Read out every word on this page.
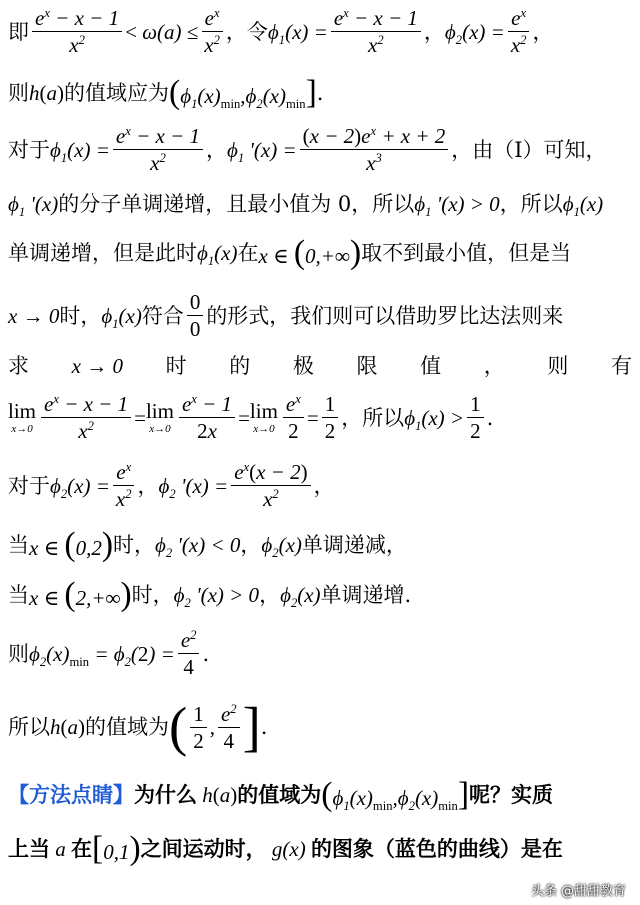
即 $\frac{e^x - x - 1}{x^2} < \omega(a) \le \frac{e^x}{x^2}$ ，令 $\phi_1(x) = \frac{e^x - x - 1}{x^2}$ ， $\phi_2(x) = \frac{e^x}{x^2}$ ，
则 h(a) 的值域应为 $(\phi_1(x)_{min},\phi_2(x)_{min}]$ .
对于 $\phi_1(x) = \frac{e^x - x - 1}{x^2}$ ， $\phi_1$ '$(x) = \frac{(x - 2)e^x + x + 2}{x^3}$ ，由（I）可知，
$\phi_1$ '(x) 的分子单调递增，且最小值为 0，所以 $\phi_1$ '(x) > 0 ，所以 $\phi_1(x)$
单调递增，但是此时 $\phi_1(x)$ 在 x ∈ (0,+∞) 取不到最小值，但是当
x → 0 时， $\phi_1(x)$ 符合 $\frac{0}{0}$ 的形式，我们则可以借助罗比达法则来
求 x → 0 时 的 极 限 值 ， 则 有
lim
$x\to 0 \frac{e^x - x - 1}{x^2} = \lim$
$x\to 0 \frac{e^x - 1}{2x} = \lim$
$x\to 0 \frac{e^x}{2} = \frac{1}{2}$ ，所以 $\phi_1(x) > \frac{1}{2}$ .
对于 $\phi_2(x) = \frac{e^x}{x^2}$ ， $\phi_2$ '$(x) = \frac{e^x(x - 2)}{x^2}$ ，
当 x ∈ (0,2) 时， $\phi_2$ '(x) < 0 ， $\phi_2(x)$ 单调递减，
当 x ∈ (2,+∞) 时， $\phi_2$ '(x) > 0 ， $\phi_2(x)$ 单调递增.
则 $\phi_2(x)_{min} = \phi_2(2) = \frac{e^2}{4}$ .
所以 h(a) 的值域为 ( $\frac{1}{2}$ , $\frac{e^2}{4}$ ] .
【方法点睛】 为什么 h(a) 的值域为 $(\phi_1(x)_{min},\phi_2(x)_{min}]$ 呢？实质
上当 a 在 [0,1) 之间运动时， g(x) 的图象（蓝色的曲线）是在
头条 @甜甜教育
